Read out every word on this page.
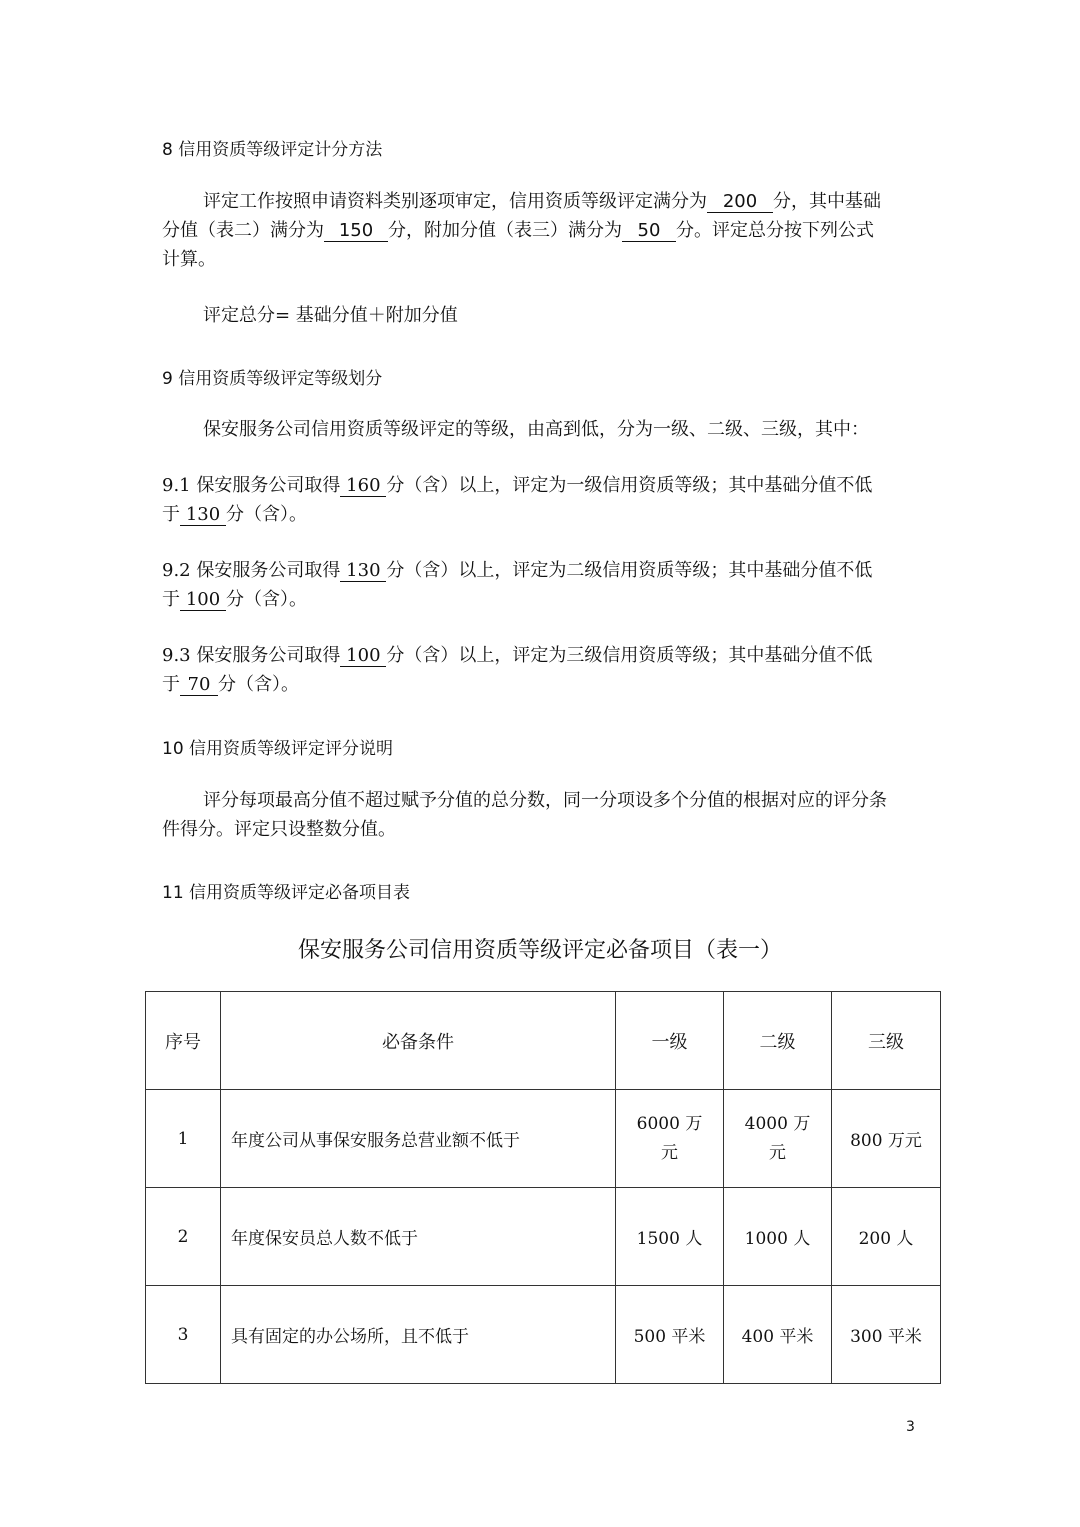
8 信用资质等级评定计分方法
评定工作按照申请资料类别逐项审定，信用资质等级评定满分为 200 分，其中基础
分值（表二）满分为 150 分，附加分值（表三）满分为 50 分。评定总分按下列公式
计算。
评定总分= 基础分值＋附加分值
9 信用资质等级评定等级划分
保安服务公司信用资质等级评定的等级，由高到低，分为一级、二级、三级，其中：
9.1 保安服务公司取得 160 分（含）以上，评定为一级信用资质等级；其中基础分值不低
于 130 分（含）。
9.2 保安服务公司取得 130 分（含）以上，评定为二级信用资质等级；其中基础分值不低
于 100 分（含）。
9.3 保安服务公司取得 100 分（含）以上，评定为三级信用资质等级；其中基础分值不低
于 70 分（含）。
10 信用资质等级评定评分说明
评分每项最高分值不超过赋予分值的总分数，同一分项设多个分值的根据对应的评分条
件得分。评定只设整数分值。
11 信用资质等级评定必备项目表
保安服务公司信用资质等级评定必备项目（表一）
序号	必备条件	一级	二级	三级
1	年度公司从事保安服务总营业额不低于	6000 万元	4000 万元	800 万元
2	年度保安员总人数不低于	1500 人	1000 人	200 人
3	具有固定的办公场所，且不低于	500 平米	400 平米	300 平米
3
